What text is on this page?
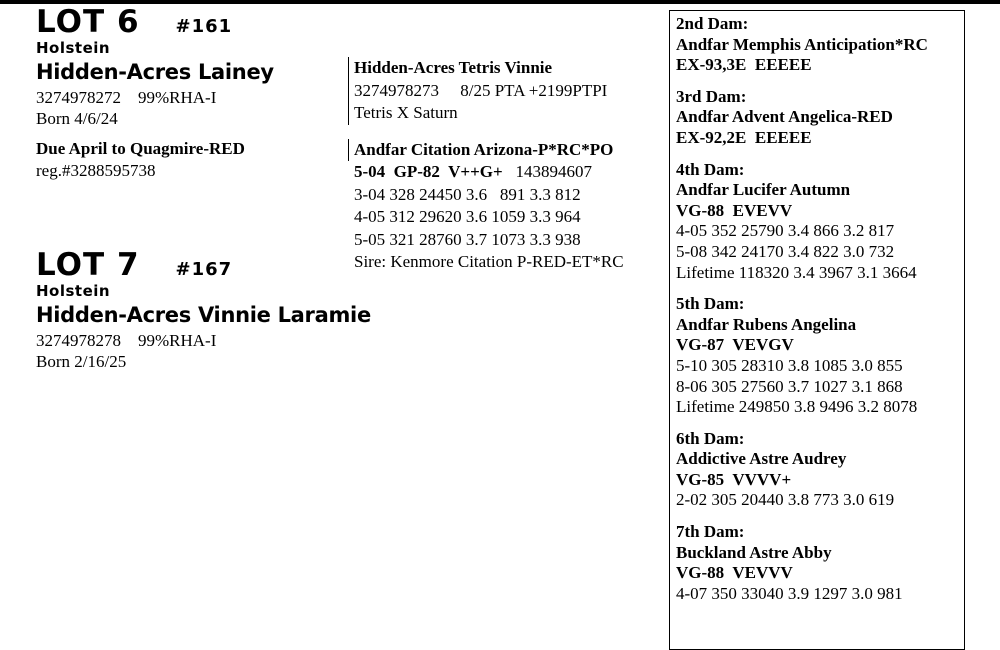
LOT 6 #161
Holstein
Hidden-Acres Lainey
3274978272    99%RHA-I
Born 4/6/24
Due April to Quagmire-RED
reg.#3288595738
LOT 7 #167
Holstein
Hidden-Acres Vinnie Laramie
3274978278    99%RHA-I
Born 2/16/25
Hidden-Acres Tetris Vinnie
3274978273     8/25 PTA +2199PTPI
Tetris X Saturn
Andfar Citation Arizona-P*RC*PO
5-04  GP-82  V++G+ 143894607
3-04 328 24450 3.6   891 3.3 812
4-05 312 29620 3.6 1059 3.3 964
5-05 321 28760 3.7 1073 3.3 938
Sire: Kenmore Citation P-RED-ET*RC
2nd Dam:
Andfar Memphis Anticipation*RC
EX-93,3E  EEEEE
3rd Dam:
Andfar Advent Angelica-RED
EX-92,2E  EEEEE
4th Dam:
Andfar Lucifer Autumn
VG-88  EVEVV
4-05 352 25790 3.4 866 3.2 817
5-08 342 24170 3.4 822 3.0 732
Lifetime 118320 3.4 3967 3.1 3664
5th Dam:
Andfar Rubens Angelina
VG-87  VEVGV
5-10 305 28310 3.8 1085 3.0 855
8-06 305 27560 3.7 1027 3.1 868
Lifetime 249850 3.8 9496 3.2 8078
6th Dam:
Addictive Astre Audrey
VG-85  VVVV+
2-02 305 20440 3.8 773 3.0 619
7th Dam:
Buckland Astre Abby
VG-88  VEVVV
4-07 350 33040 3.9 1297 3.0 981
